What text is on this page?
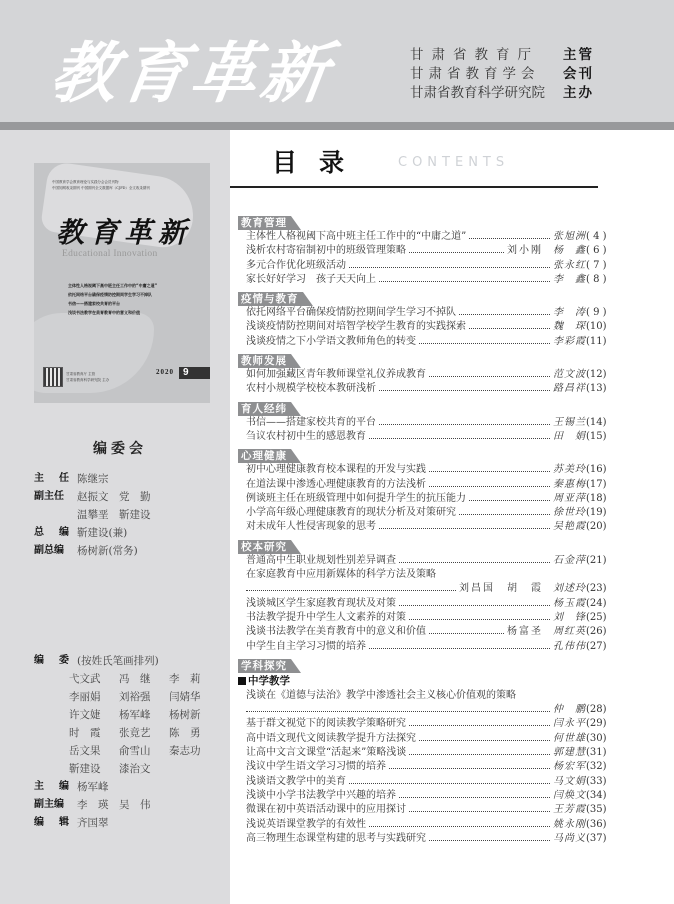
教育革新	甘肃省教育厅	主管
甘肃省教育学会	会刊
甘肃省教育科学研究院	主办
中国教育学会教育理论与实践分会会员刊物
中国知网收录期刊 中国期刊全文数据库（CJFD）全文收录期刊
教育革新
Educational Innovation
主体性人格视阈下高中班主任工作中的“中庸之道”
依托网络平台确保疫情防控期间学生学习不掉队
书信——搭建家校共育的平台
浅谈书法教学在美育教育中的意义和价值
甘肃省教育厅 主管
甘肃省教育科学研究院 主办
2020 9
编委会
主 任 陈继宗
副主任	赵振文　 党　勤
温攀垩　 靳建设
总 编 靳建设(兼)
副总编	杨树新(常务)
编 委 (按姓氏笔画排列)
弋文武	冯　继	李　莉
李丽娟	刘裕强	闫婧华
许文婕	杨军峰	杨树新
时　霞	张竟艺	陈　勇
岳文果	俞雪山	秦志功
靳建设	漆治文
主 编 杨军峰
副主编	李　瑛　 吴　伟
编 辑 齐国翠
目录 CONTENTS
教育管理
主体性人格视阈下高中班主任工作中的“中庸之道”	张旭洲 ( 4 )
浅析农村寄宿制初中的班级管理策略	刘小刚 杨　鑫 ( 6 )
多元合作优化班级活动	张永红 ( 7 )
家长好好学习　孩子天天向上	李　鑫 ( 8 )
疫情与教育
依托网络平台确保疫情防控期间学生学习不掉队	李　涛 ( 9 )
浅谈疫情防控期间对培智学校学生教育的实践探索	魏　琛 (10)
浅谈疫情之下小学语文教师角色的转变	李彩霞 (11)
教师发展
如何加强藏区青年教师课堂礼仪养成教育	范文波 (12)
农村小规模学校校本教研浅析	路昌祥 (13)
育人经纬
书信——搭建家校共育的平台	王锡兰 (14)
刍议农村初中生的感恩教育	田　娟 (15)
心理健康
初中心理健康教育校本课程的开发与实践	苏美玲 (16)
在道法课中渗透心理健康教育的方法浅析	秦惠梅 (17)
例谈班主任在班级管理中如何提升学生的抗压能力	周亚萍 (18)
小学高年级心理健康教育的现状分析及对策研究	徐世玲 (19)
对未成年人性侵害现象的思考	吴艳霞 (20)
校本研究
普通高中生职业规划性别差异调查	石金萍 (21)
在家庭教育中应用新媒体的科学方法及策略
刘昌国　胡　霞 刘述玲 (23)
浅谈城区学生家庭教育现状及对策	杨玉霞 (24)
书法教学提升中学生人文素养的对策	刘　锋 (25)
浅谈书法教学在美育教育中的意义和价值	杨富圣 周红英 (26)
中学生自主学习习惯的培养	孔伟伟 (27)
学科探究
中学教学
浅谈在《道德与法治》教学中渗透社会主义核心价值观的策略
仲　鹏 (28)
基于群文视觉下的阅读教学策略研究	闫永平 (29)
高中语文现代文阅读教学提升方法探究	何世雄 (30)
让高中文言文课堂“活起来”策略浅谈	郭建慧 (31)
浅议中学生语文学习习惯的培养	杨宏军 (32)
浅谈语文教学中的美育	马文娟 (33)
浅谈中小学书法教学中兴趣的培养	闫焕文 (34)
微课在初中英语活动课中的应用探讨	王芳霞 (35)
浅说英语课堂教学的有效性	姚永刚 (36)
高三物理生态课堂构建的思考与实践研究	马尚义 (37)
